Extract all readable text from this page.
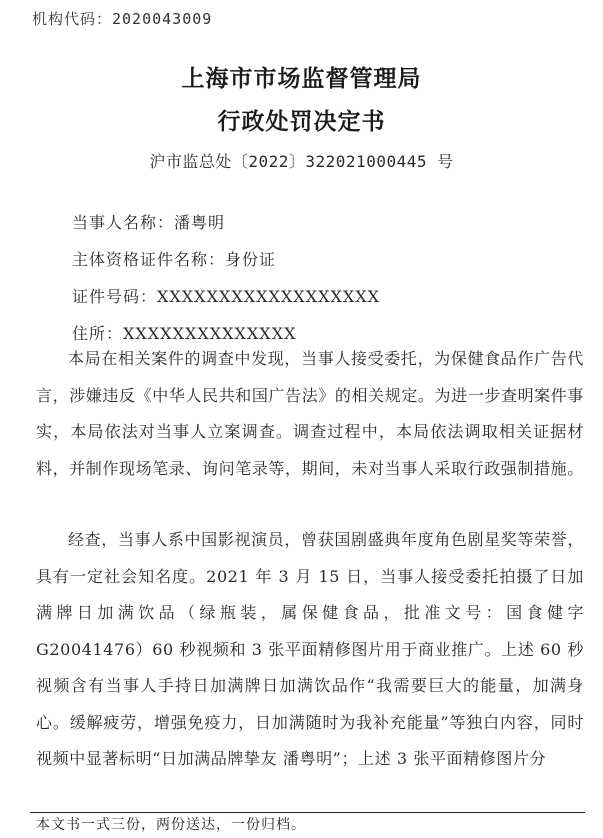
机构代码：2020043009
上海市市场监督管理局
行政处罚决定书
沪市监总处〔2022〕322021000445 号
当事人名称：潘粤明
主体资格证件名称：身份证
证件号码：XXXXXXXXXXXXXXXXXX
住所：XXXXXXXXXXXXXX

本局在相关案件的调查中发现，当事人接受委托，为保健食品作广告代言，涉嫌违反《中华人民共和国广告法》的相关规定。为进一步查明案件事实，本局依法对当事人立案调查。调查过程中，本局依法调取相关证据材料，并制作现场笔录、询问笔录等，期间，未对当事人采取行政强制措施。

经查，当事人系中国影视演员，曾获国剧盛典年度角色剧星奖等荣誉，具有一定社会知名度。2021 年 3 月 15 日，当事人接受委托拍摄了日加满牌日加满饮品（绿瓶装，属保健食品，批准文号：国食健字 G20041476）60 秒视频和 3 张平面精修图片用于商业推广。上述 60 秒视频含有当事人手持日加满牌日加满饮品作“我需要巨大的能量，加满身心。缓解疲劳，增强免疫力，日加满随时为我补充能量”等独白内容，同时视频中显著标明“日加满品牌挚友 潘粤明”；上述 3 张平面精修图片分

本文书一式三份，两份送达，一份归档。
